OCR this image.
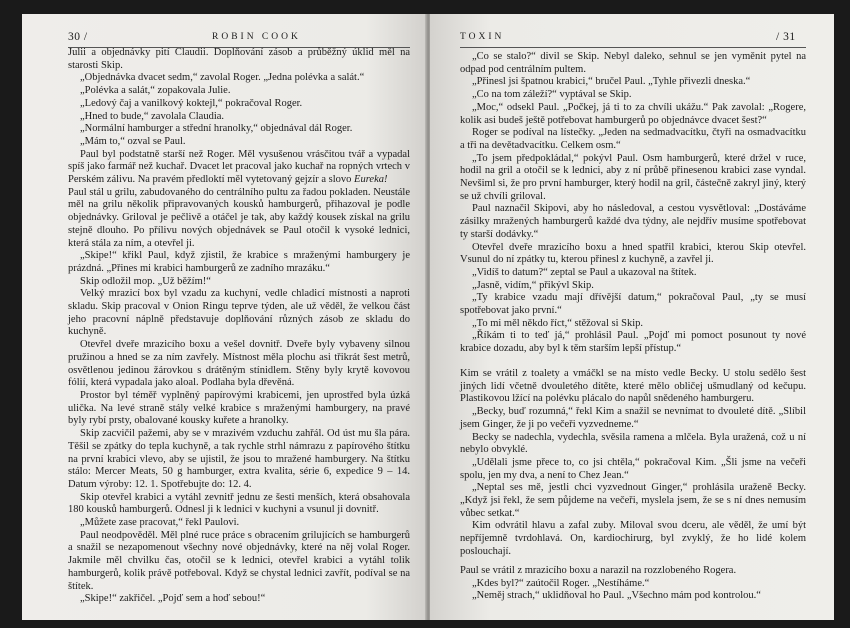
30 /	ROBIN COOK

Julii a objednávky pití Claudii. Doplňování zásob a průběžný úklid měl na starosti Skip.

„Objednávka dvacet sedm,“ zavolal Roger. „Jedna polévka a salát.“

„Polévka a salát,“ zopakovala Julie.

„Ledový čaj a vanilkový koktejl,“ pokračoval Roger.

„Hned to bude,“ zavolala Claudia.

„Normální hamburger a střední hranolky,“ objednával dál Roger.

„Mám to,“ ozval se Paul.

Paul byl podstatně starší než Roger. Měl vysušenou vrásčitou tvář a vypadal spíš jako farmář než kuchař. Dvacet let pracoval jako kuchař na ropných vrtech v Perském zálivu. Na pravém předloktí měl vytetovaný gejzír a slovo Eureka!

Paul stál u grilu, zabudovaného do centrálního pultu za řadou pokladen. Neustále měl na grilu několik připravovaných kousků hamburgerů, přihazoval je podle objednávky. Griloval je pečlivě a otáčel je tak, aby každý kousek získal na grilu stejně dlouho. Po přílivu nových objednávek se Paul otočil k vysoké lednici, která stála za ním, a otevřel ji.

„Skipe!“ křikl Paul, když zjistil, že krabice s mraženými hamburgery je prázdná. „Přines mi krabici hamburgerů ze zadního mrazáku.“

Skip odložil mop. „Už běžím!“

Velký mrazicí box byl vzadu za kuchyní, vedle chladicí místnosti a naproti skladu. Skip pracoval v Onion Ringu teprve týden, ale už věděl, že velkou část jeho pracovní náplně představuje doplňování různých zásob ze skladu do kuchyně.

Otevřel dveře mrazicího boxu a vešel dovnitř. Dveře byly vybaveny silnou pružinou a hned se za ním zavřely. Místnost měla plochu asi třikrát šest metrů, osvětlenou jedinou žárovkou s drátěným stínidlem. Stěny byly krytě kovovou fólií, která vypadala jako aloal. Podlaha byla dřevěná.

Prostor byl téměř vyplněný papírovými krabicemi, jen uprostřed byla úzká ulička. Na levé straně stály velké krabice s mraženými hamburgery, na pravé byly rybí prsty, obalované kousky kuřete a hranolky.

Skip zacvičil pažemi, aby se v mrazivém vzduchu zahřál. Od úst mu šla pára. Těšil se zpátky do tepla kuchyně, a tak rychle strhl námrazu z papírového štítku na první krabici vlevo, aby se ujistil, že jsou to mražené hamburgery. Na štítku stálo: Mercer Meats, 50 g hamburger, extra kvalita, série 6, expedice 9 – 14. Datum výroby: 12. 1. Spotřebujte do: 12. 4.

Skip otevřel krabici a vytáhl zevnitř jednu ze šesti menších, která obsahovala 180 kousků hamburgerů. Odnesl ji k lednici v kuchyni a vsunul ji dovnitř.

„Můžete zase pracovat,“ řekl Paulovi.

Paul neodpověděl. Měl plné ruce práce s obracením grilujících se hamburgerů a snažil se nezapomenout všechny nové objednávky, které na něj volal Roger. Jakmile měl chvilku čas, otočil se k lednici, otevřel krabici a vytáhl tolik hamburgerů, kolik právě potřeboval. Když se chystal lednici zavřít, podíval se na štítek.

„Skipe!“ zakřičel. „Pojď sem a hoď sebou!“

TOXIN	/ 31

„Co se stalo?“ divil se Skip. Nebyl daleko, sehnul se jen vyměnit pytel na odpad pod centrálním pultem.

„Přinesl jsi špatnou krabici,“ bručel Paul. „Tyhle přivezli dneska.“

„Co na tom záleží?“ vyptával se Skip.

„Moc,“ odsekl Paul. „Počkej, já ti to za chvíli ukážu.“ Pak zavolal: „Rogere, kolik asi budeš ještě potřebovat hamburgerů po objednávce dvacet šest?“

Roger se podíval na lístečky. „Jeden na sedmadvacítku, čtyři na osmadvacítku a tři na devětadvacítku. Celkem osm.“

„To jsem předpokládal,“ pokývl Paul. Osm hamburgerů, které držel v ruce, hodil na gril a otočil se k lednici, aby z ní průbě přinesenou krabici zase vyndal. Nevšiml si, že pro první hamburger, který hodil na gril, částečně zakryl jiný, který se už chvíli griloval.

Paul naznačil Skipovi, aby ho následoval, a cestou vysvětloval: „Dostáváme zásilky mražených hamburgerů každé dva týdny, ale nejdřív musíme spotřebovat ty starší dodávky.“

Otevřel dveře mrazicího boxu a hned spatřil krabici, kterou Skip otevřel. Vsunul do ní zpátky tu, kterou přinesl z kuchyně, a zavřel ji.

„Vidíš to datum?“ zeptal se Paul a ukazoval na štítek.

„Jasně, vidím,“ přikývl Skip.

„Ty krabice vzadu mají dřívější datum,“ pokračoval Paul, „ty se musí spotřebovat jako první.“

„To mi měl někdo říct,“ stěžoval si Skip.

„Říkám ti to teď já,“ prohlásil Paul. „Pojď mi pomoct posunout ty nové krabice dozadu, aby byl k těm starším lepší přístup.“

Kim se vrátil z toalety a vmáčkl se na místo vedle Becky. U stolu sedělo šest jiných lidí včetně dvouletého dítěte, které mělo obličej ušmudlaný od kečupu. Plastikovou lžící na polévku plácalo do napůl snědeného hamburgeru.

„Becky, buď rozumná,“ řekl Kim a snažil se nevnímat to dvouleté dítě. „Slíbil jsem Ginger, že ji po večeři vyzvedneme.“

Becky se nadechla, vydechla, svěsila ramena a mlčela. Byla uražená, což u ní nebylo obvyklé.

„Udělali jsme přece to, co jsi chtěla,“ pokračoval Kim. „Šli jsme na večeři spolu, jen my dva, a není to Chez Jean.“

„Neptal ses mě, jestli chci vyzvednout Ginger,“ prohlásila uraženě Becky. „Když jsi řekl, že sem půjdeme na večeři, myslela jsem, že se s ní dnes nemusím vůbec setkat.“

Kim odvrátil hlavu a zafal zuby. Miloval svou dceru, ale věděl, že umí být nepříjemně tvrdohlavá. On, kardiochirurg, byl zvyklý, že ho lidé kolem poslouchají.

Paul se vrátil z mrazicího boxu a narazil na rozzlobeného Rogera.

„Kdes byl?“ zaútočil Roger. „Nestíháme.“

„Neměj strach,“ uklidňoval ho Paul. „Všechno mám pod kontrolou.“
